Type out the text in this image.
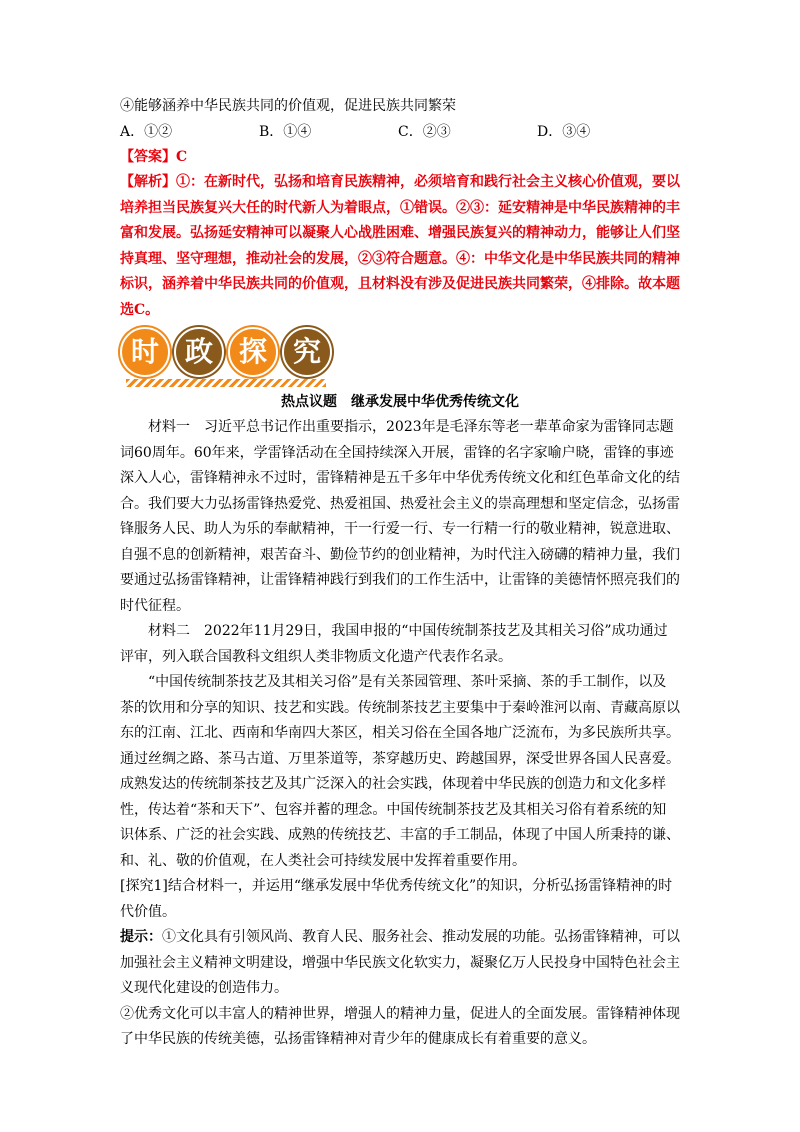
④能够涵养中华民族共同的价值观，促进民族共同繁荣

A．①②	B．①④	C．②③	D．③④

【答案】C

【解析】①：在新时代，弘扬和培育民族精神，必须培育和践行社会主义核心价值观，要以培养担当民族复兴大任的时代新人为着眼点，①错误。②③：延安精神是中华民族精神的丰富和发展。弘扬延安精神可以凝聚人心战胜困难、增强民族复兴的精神动力，能够让人们坚持真理、坚守理想，推动社会的发展，②③符合题意。④：中华文化是中华民族共同的精神标识，涵养着中华民族共同的价值观，且材料没有涉及促进民族共同繁荣，④排除。故本题选C。

时 政 探 究

热点议题　继承发展中华优秀传统文化

材料一　习近平总书记作出重要指示，2023年是毛泽东等老一辈革命家为雷锋同志题词60周年。60年来，学雷锋活动在全国持续深入开展，雷锋的名字家喻户晓，雷锋的事迹深入人心，雷锋精神永不过时，雷锋精神是五千多年中华优秀传统文化和红色革命文化的结合。我们要大力弘扬雷锋热爱党、热爱祖国、热爱社会主义的崇高理想和坚定信念，弘扬雷锋服务人民、助人为乐的奉献精神，干一行爱一行、专一行精一行的敬业精神，锐意进取、自强不息的创新精神，艰苦奋斗、勤俭节约的创业精神，为时代注入磅礴的精神力量，我们要通过弘扬雷锋精神，让雷锋精神践行到我们的工作生活中，让雷锋的美德情怀照亮我们的时代征程。

材料二　2022年11月29日，我国申报的“中国传统制茶技艺及其相关习俗”成功通过评审，列入联合国教科文组织人类非物质文化遗产代表作名录。

“中国传统制茶技艺及其相关习俗”是有关茶园管理、茶叶采摘、茶的手工制作，以及茶的饮用和分享的知识、技艺和实践。传统制茶技艺主要集中于秦岭淮河以南、青藏高原以东的江南、江北、西南和华南四大茶区，相关习俗在全国各地广泛流布，为多民族所共享。通过丝绸之路、茶马古道、万里茶道等，茶穿越历史、跨越国界，深受世界各国人民喜爱。成熟发达的传统制茶技艺及其广泛深入的社会实践，体现着中华民族的创造力和文化多样性，传达着“茶和天下”、包容并蓄的理念。中国传统制茶技艺及其相关习俗有着系统的知识体系、广泛的社会实践、成熟的传统技艺、丰富的手工制品，体现了中国人所秉持的谦、和、礼、敬的价值观，在人类社会可持续发展中发挥着重要作用。

[探究1]结合材料一，并运用“继承发展中华优秀传统文化”的知识，分析弘扬雷锋精神的时代价值。

提示：①文化具有引领风尚、教育人民、服务社会、推动发展的功能。弘扬雷锋精神，可以加强社会主义精神文明建设，增强中华民族文化软实力，凝聚亿万人民投身中国特色社会主义现代化建设的创造伟力。

②优秀文化可以丰富人的精神世界，增强人的精神力量，促进人的全面发展。雷锋精神体现了中华民族的传统美德，弘扬雷锋精神对青少年的健康成长有着重要的意义。
